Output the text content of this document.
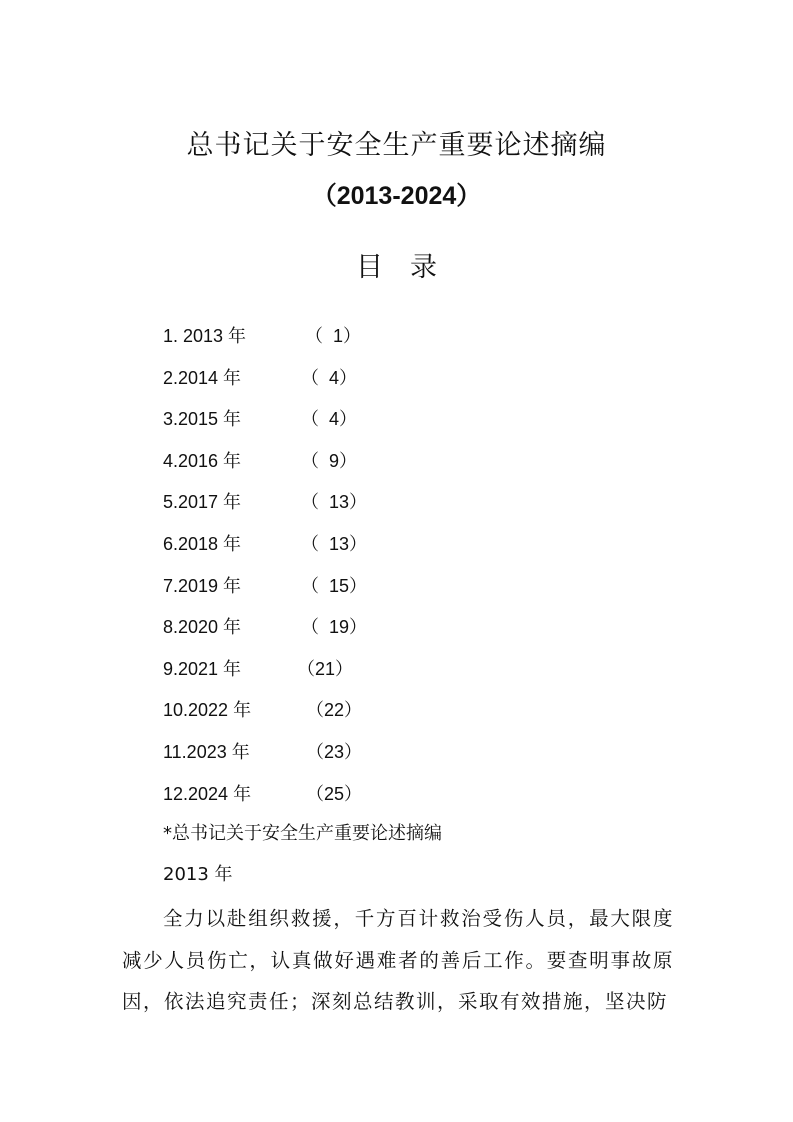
总书记关于安全生产重要论述摘编
（2013-2024）
目　录
1. 2013 年	（  1）
2.2014 年	（  4）
3.2015 年	（  4）
4.2016 年	（  9）
5.2017 年	（  13）
6.2018 年	（  13）
7.2019 年	（  15）
8.2020 年	（  19）
9.2021 年	（21）
10.2022 年	（22）
11.2023 年	（23）
12.2024 年	（25）
*总书记关于安全生产重要论述摘编
2013 年

全力以赴组织救援，千方百计救治受伤人员，最大限度减少人员伤亡，认真做好遇难者的善后工作。要查明事故原因，依法追究责任；深刻总结教训，采取有效措施，坚决防
